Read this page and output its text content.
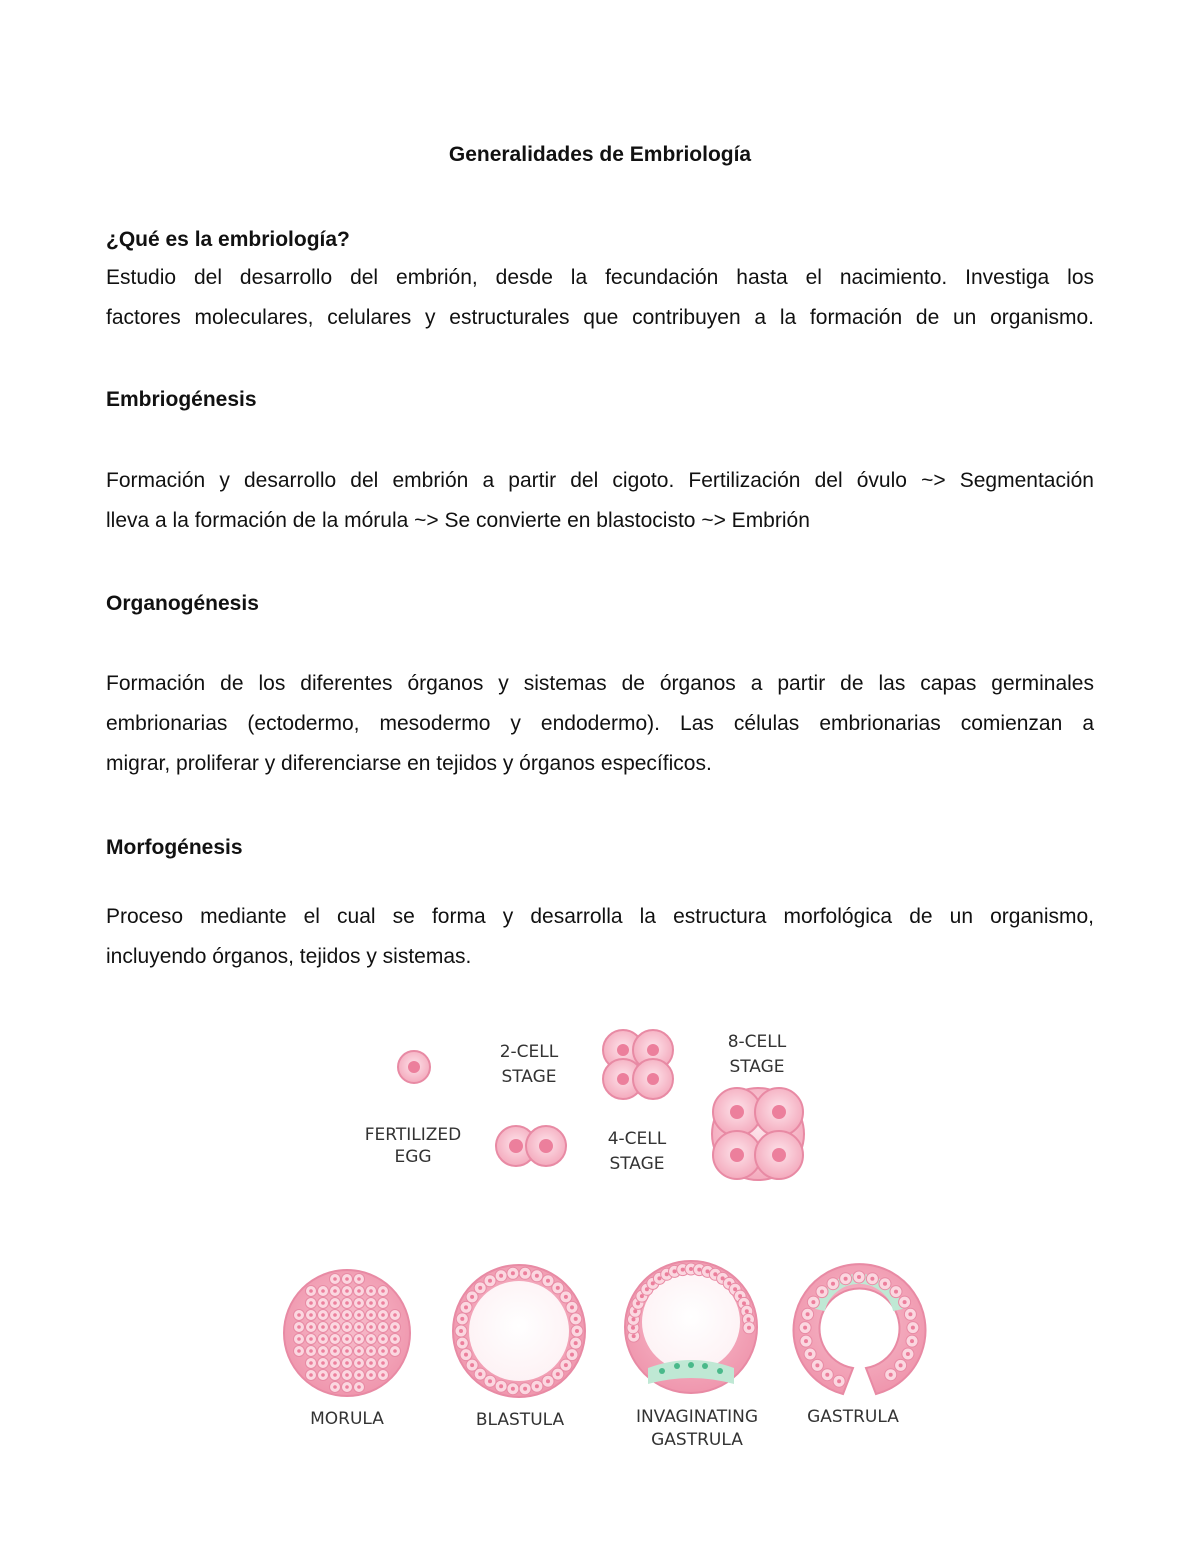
Generalidades de Embriología
¿Qué es la embriología?
Estudio del desarrollo del embrión, desde la fecundación hasta el nacimiento. Investiga los
factores moleculares, celulares y estructurales que contribuyen a la formación de un organismo.
Embriogénesis
Formación y desarrollo del embrión a partir del cigoto. Fertilización del óvulo ~> Segmentación
lleva a la formación de la mórula ~> Se convierte en blastocisto ~> Embrión
Organogénesis
Formación de los diferentes órganos y sistemas de órganos a partir de las capas germinales
embrionarias (ectodermo, mesodermo y endodermo). Las células embrionarias comienzan a
migrar, proliferar y diferenciarse en tejidos y órganos específicos.
Morfogénesis
Proceso mediante el cual se forma y desarrolla la estructura morfológica de un organismo,
incluyendo órganos, tejidos y sistemas.
2-CELL
STAGE
8-CELL
STAGE
FERTILIZED
EGG
4-CELL
STAGE
MORULA	BLASTULA	INVAGINATING
GASTRULA
GASTRULA
